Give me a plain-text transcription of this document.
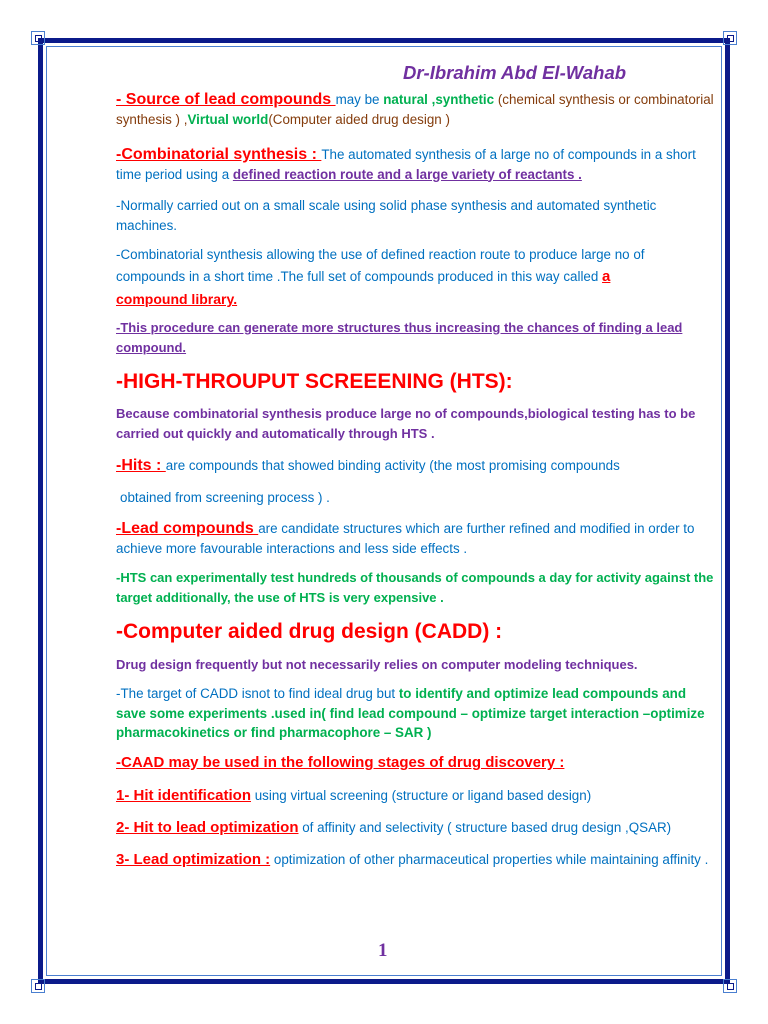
Dr-Ibrahim Abd El-Wahab

- Source of lead compounds may be natural ,synthetic (chemical synthesis or combinatorial synthesis ) ,Virtual world(Computer aided drug design )

-Combinatorial synthesis : The automated synthesis of a large no of compounds in a short time period using a defined reaction route and a large variety of reactants .

-Normally carried out on a small scale using solid phase synthesis and automated synthetic machines.

-Combinatorial synthesis allowing the use of defined reaction route to produce large no of compounds in a short time .The full set of compounds produced in this way called a
compound library.

-This procedure can generate more structures thus increasing the chances of finding a lead compound.

-HIGH-THROUPUT SCREEENING (HTS):

Because combinatorial synthesis produce large no of compounds,biological testing has to be carried out quickly and automatically through HTS .

-Hits : are compounds that showed binding activity (the most promising compounds

obtained from screening process ) .

-Lead compounds are candidate structures which are further refined and modified in order to achieve more favourable interactions and less side effects .

-HTS can experimentally test hundreds of thousands of compounds a day for activity against the target additionally, the use of HTS is very expensive .

-Computer aided drug design (CADD) :

Drug design frequently but not necessarily relies on computer modeling techniques.

-The target of CADD isnot to find ideal drug but to identify and optimize lead compounds and save some experiments .used in( find lead compound – optimize target interaction –optimize pharmacokinetics or find pharmacophore – SAR )

-CAAD may be used in the following stages of drug discovery :

1- Hit identification using virtual screening (structure or ligand based design)

2- Hit to lead optimization of affinity and selectivity ( structure based drug design ,QSAR)

3- Lead optimization : optimization of other pharmaceutical properties while maintaining affinity .

1
